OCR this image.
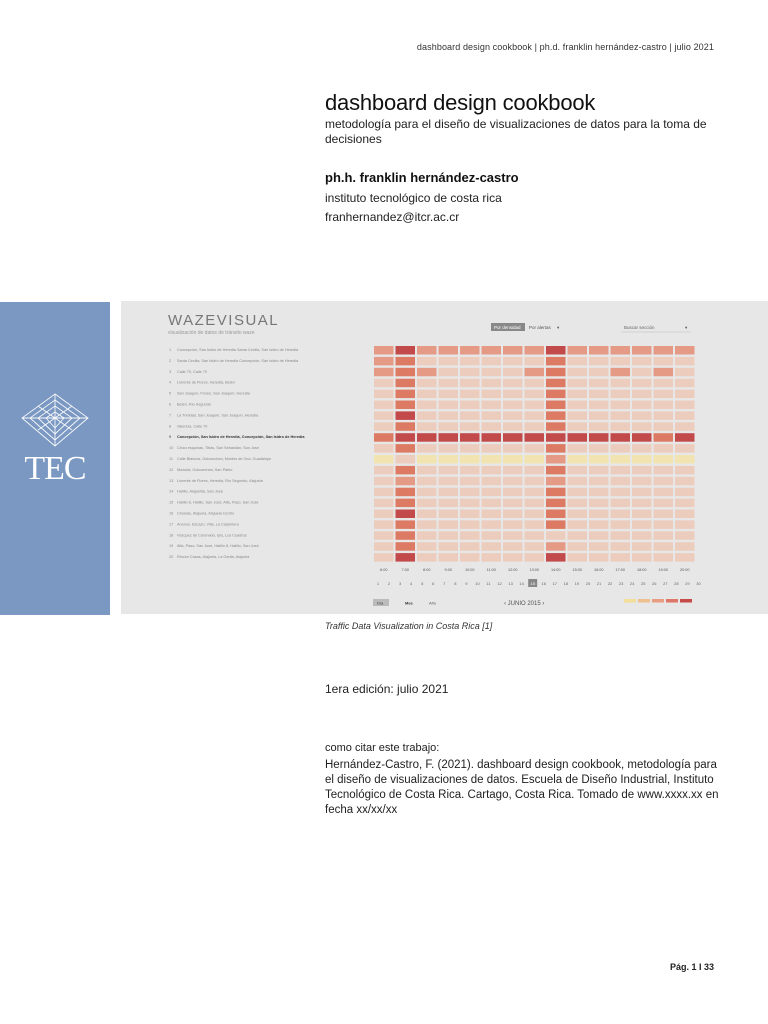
dashboard design cookbook | ph.d. franklin hernández-castro | julio 2021
dashboard design cookbook
metodología para el diseño de visualizaciones de datos para la toma de decisiones
ph.h. franklin hernández-castro
instituto tecnológico de costa rica
franhernandez@itcr.ac.cr
TEC
WAZEVISUAL
visualización de datos de tránsito waze
Por densidad Por alertas ▾	Buscar sección	▾
1 Concepción, San Isidro de Heredia Santa Cecilia, San Isidro de Heredia
2 Santa Cecilia, San Isidro de Heredia Concepción, San Isidro de Heredia
3 Calle 70, Calle 70
4 Llorente de Flores, Heredia, Belén
5 San Joaquín, Flores, San Joaquín, Heredia
6 Belén, Río Segundo
7 La Trinidad, San Joaquín, San Joaquín, Heredia
8 Valencia, Calle 70
9 Concepción, San Isidro de Heredia, Concepción, San Isidro de Heredia
10 Cinco esquinas, Tibás, San Sebastián, San José
11 Calle Blancos, Goicoechea, Montes de Oca, Guadalupe
12 Mozotal, Goicoechea, San Pablo
13 Llorente de Flores, Heredia, Río Segundo, Alajuela
14 Hatillo, Alajuelita, San José
15 Hatillo 8, Hatillo, San José, Alfa, Paso, San José
16 Ciruelas, Alajuela, Alajuela Centro
17 Anonos, Escazú, Villa, La Carpintera
18 Vázquez de Coronado, Ipís, Los Cuadros
19 Alfa, Paso, San José, Hatillo 8, Hatillo, San José
20 Rincón Casas, Alajuela, La Garita, Alajuela
6:00	7:00	8:00	9:00	10:00	11:00	12:00	13:00	14:00	15:00	16:00	17:00	18:00	19:00	20:00
1 2 3 4 5 6 7 8 9 10 11 12 13 14 15 16 17 18 19 20 21 22 23 24 25 26 27 28 29 30
Día	Mes	Año	‹ JUNIO 2015 ›
Traffic Data Visualization in Costa Rica [1]
1era edición: julio 2021
como citar este trabajo:
Hernández-Castro, F. (2021). dashboard design cookbook, metodología para el diseño de visualizaciones de datos. Escuela de Diseño Industrial, Instituto Tecnológico de Costa Rica. Cartago, Costa Rica. Tomado de www.xxxx.xx en fecha xx/xx/xx
Pág. 1 I 33
